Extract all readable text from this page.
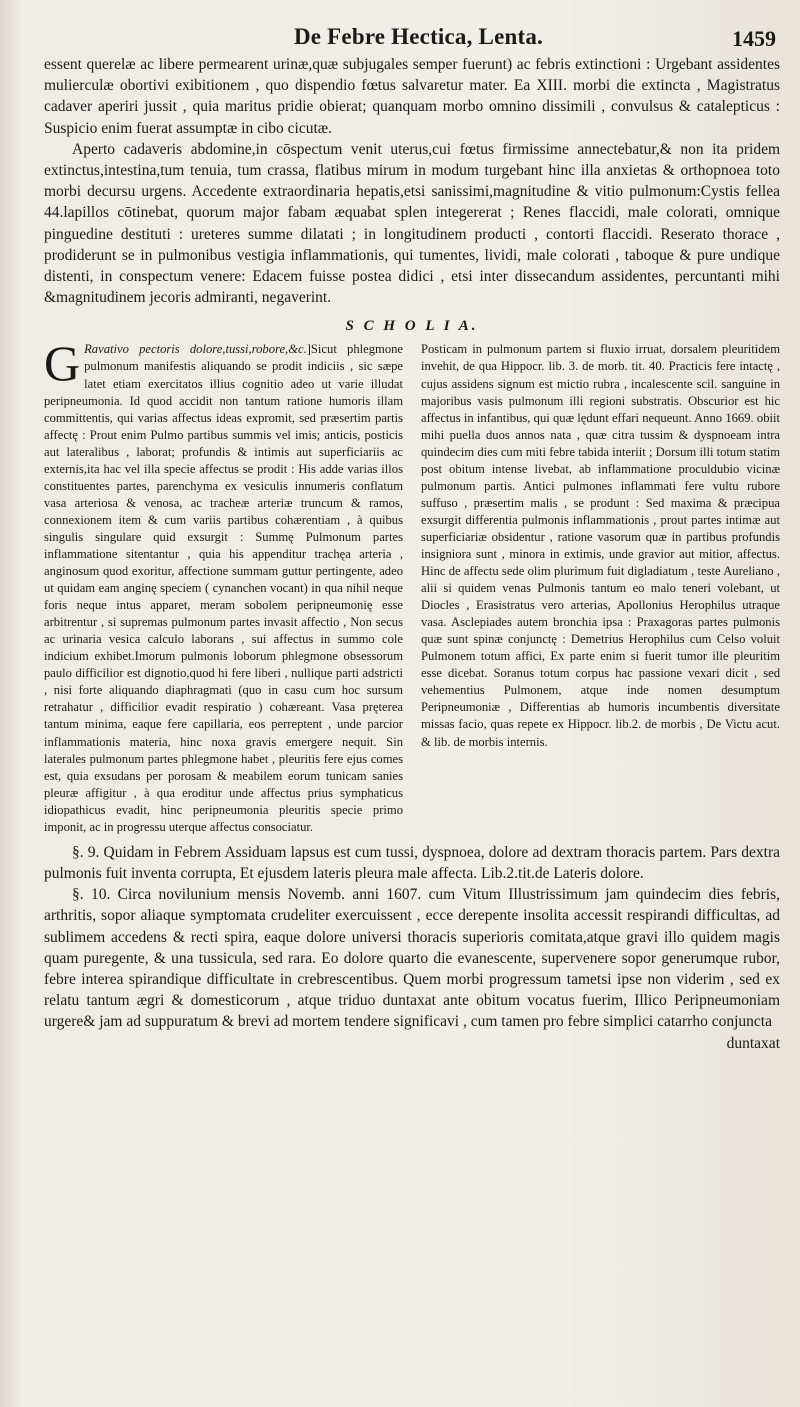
De Febre Hectica, Lenta.	1459

essent querelæ ac libere permearent urinæ,quæ subjugales semper fuerunt) ac febris extinctioni : Urgebant assidentes mulierculæ obortivi exibitionem , quo dispendio fœtus salvaretur mater. Ea XIII. morbi die extincta , Magistratus cadaver aperiri jussit , quia maritus pridie obierat; quanquam morbo omnino dissimili , convulsus & catalepticus : Suspicio enim fuerat assumptæ in cibo cicutæ.

Aperto cadaveris abdomine,in cōspectum venit uterus,cui fœtus firmissime annectebatur,& non ita pridem extinctus,intestina,tum tenuia, tum crassa, flatibus mirum in modum turgebant hinc illa anxietas & orthopnoea toto morbi decursu urgens. Accedente extraordinaria hepatis,etsi sanissimi,magnitudine & vitio pulmonum:Cystis fellea 44.lapillos cōtinebat, quorum major fabam æquabat splen integererat ; Renes flaccidi, male colorati, omnique pinguedine destituti : ureteres summe dilatati ; in longitudinem producti , contorti flaccidi. Reserato thorace , prodiderunt se in pulmonibus vestigia inflammationis, qui tumentes, lividi, male colorati , taboque & pure undique distenti, in conspectum venere: Edacem fuisse postea didici , etsi inter dissecandum assidentes, percuntanti mihi &magnitudinem jecoris admiranti, negaverint.

S C H O L I A.

G Ravativo pectoris dolore,tussi,robore,&c.]Sicut phlegmone pulmonum manifestis aliquando se prodit indiciis , sic sæpe latet etiam exercitatos illius cognitio adeo ut varie illudat peripneumonia. Id quod accidit non tantum ratione humoris illam committentis, qui varias affectus ideas expromit, sed præsertim partis affectę : Prout enim Pulmo partibus summis vel imis; anticis, posticis aut lateralibus , laborat; profundis & intimis aut superficiariis ac externis,ita hac vel illa specie affectus se prodit : His adde varias illos constituentes partes, parenchyma ex vesiculis innumeris conflatum vasa arteriosa & venosa, ac tracheæ arteriæ truncum & ramos, connexionem item & cum variis partibus cohærentiam , à quibus singulis singulare quid exsurgit : Summę Pulmonum partes inflammatione sitentantur , quia his appenditur trachęa arteria , anginosum quod exoritur, affectione summam guttur pertingente, adeo ut quidam eam anginę speciem ( cynanchen vocant) in qua nihil neque foris neque intus apparet, meram sobolem peripneumonię esse arbitrentur , si supremas pulmonum partes invasit affectio , Non secus ac urinaria vesica calculo laborans , sui affectus in summo cole indicium exhibet.Imorum pulmonis loborum phlegmone obsessorum paulo difficilior est dignotio,quod hi fere liberi , nullique parti adstricti , nisi forte aliquando diaphragmati (quo in casu cum hoc sursum retrahatur , difficilior evadit respiratio ) cohæreant. Vasa pręterea tantum minima, eaque fere capillaria, eos perreptent , unde parcior inflammationis materia, hinc noxa gravis emergere nequit. Sin laterales pulmonum partes phlegmone habet , pleuritis fere ejus comes est, quia exsudans per porosam & meabilem eorum tunicam sanies pleuræ affigitur , à qua eroditur unde affectus prius symphaticus idiopathicus evadit, hinc peripneumonia pleuritis specie primo imponit, ac in progressu uterque affectus consociatur.

Posticam in pulmonum partem si fluxio irruat, dorsalem pleuritidem invehit, de qua Hippocr. lib. 3. de morb. tit. 40. Practicis fere intactę , cujus assidens signum est mictio rubra , incalescente scil. sanguine in majoribus vasis pulmonum illi regioni substratis. Obscurior est hic affectus in infantibus, qui quæ lędunt effari nequeunt. Anno 1669. obiit mihi puella duos annos nata , quæ citra tussim & dyspnoeam intra quindecim dies cum miti febre tabida interiit ; Dorsum illi totum statim post obitum intense livebat, ab inflammatione proculdubio vicinæ pulmonum partis. Antici pulmones inflammati fere vultu rubore suffuso , præsertim malis , se produnt : Sed maxima & præcipua exsurgit differentia pulmonis inflammationis , prout partes intimæ aut superficiariæ obsidentur , ratione vasorum quæ in partibus profundis insigniora sunt , minora in extimis, unde gravior aut mitior, affectus. Hinc de affectu sede olim plurimum fuit digladiatum , teste Aureliano , alii si quidem venas Pulmonis tantum eo malo teneri volebant, ut Diocles , Erasistratus vero arterias, Apollonius Herophilus utraque vasa. Asclepiades autem bronchia ipsa : Praxagoras partes pulmonis quæ sunt spinæ conjunctę : Demetrius Herophilus cum Celso voluit Pulmonem totum affici, Ex parte enim si fuerit tumor ille pleuritim esse dicebat. Soranus totum corpus hac passione vexari dicit , sed vehementius Pulmonem, atque inde nomen desumptum Peripneumoniæ , Differentias ab humoris incumbentis diversitate missas facio, quas repete ex Hippocr. lib.2. de morbis , De Victu acut. & lib. de morbis internis.

§. 9. Quidam in Febrem Assiduam lapsus est cum tussi, dyspnoea, dolore ad dextram thoracis partem. Pars dextra pulmonis fuit inventa corrupta, Et ejusdem lateris pleura male affecta. Lib.2.tit.de Lateris dolore.

§. 10. Circa novilunium mensis Novemb. anni 1607. cum Vitum Illustrissimum jam quindecim dies febris, arthritis, sopor aliaque symptomata crudeliter exercuissent , ecce derepente insolita accessit respirandi difficultas, ad sublimem accedens & recti spira, eaque dolore universi thoracis superioris comitata,atque gravi illo quidem magis quam puregente, & una tussicula, sed rara. Eo dolore quarto die evanescente, supervenere sopor generumque rubor, febre interea spirandique difficultate in crebrescentibus. Quem morbi progressum tametsi ipse non viderim , sed ex relatu tantum ægri & domesticorum , atque triduo duntaxat ante obitum vocatus fuerim, Illico Peripneumoniam urgere& jam ad suppuratum & brevi ad mortem tendere significavi , cum tamen pro febre simplici catarrho conjuncta

duntaxat
